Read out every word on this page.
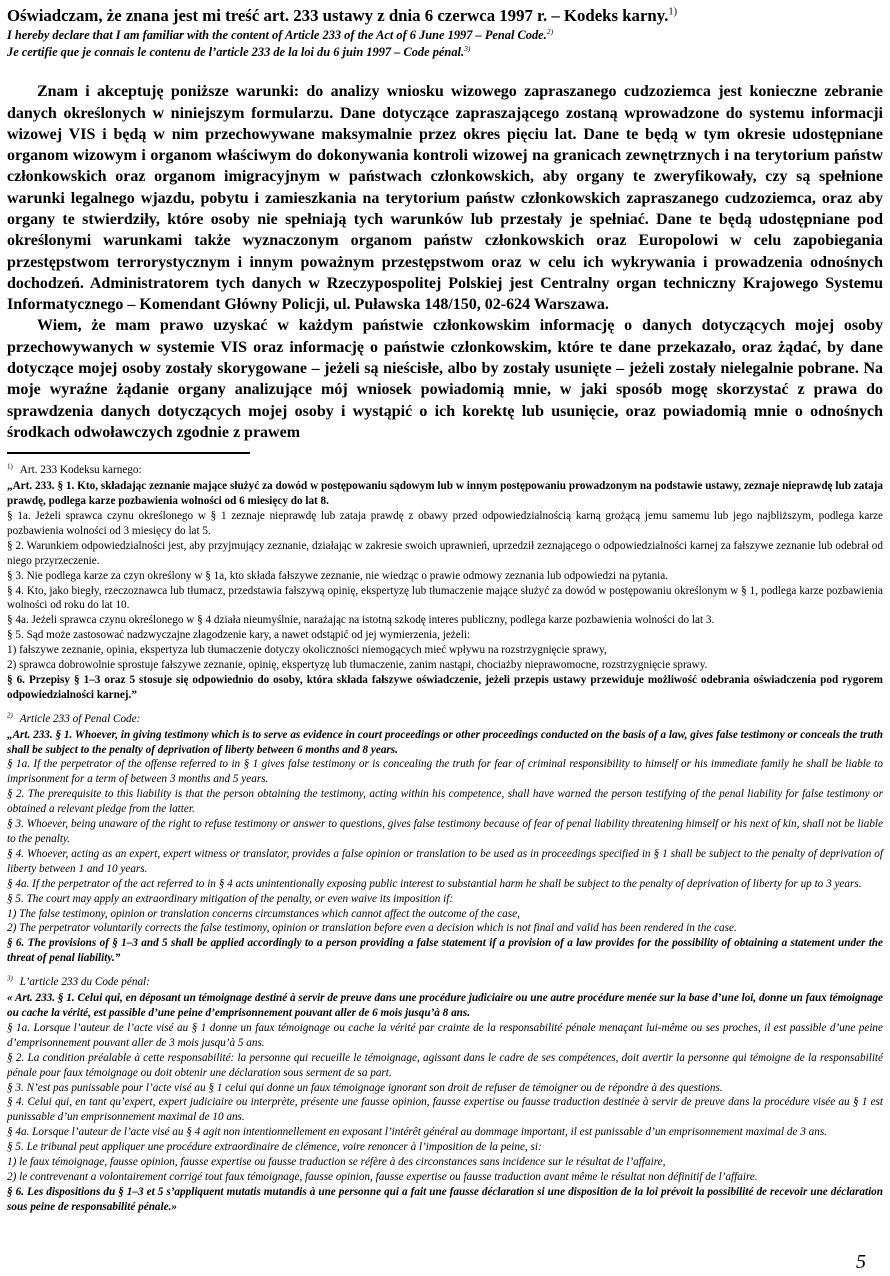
Oświadczam, że znana jest mi treść art. 233 ustawy z dnia 6 czerwca 1997 r. – Kodeks karny.$^{1)}$

I hereby declare that I am familiar with the content of Article 233 of the Act of 6 June 1997 – Penal Code.$^{2)}$

Je certifie que je connais le contenu de l’article 233 de la loi du 6 juin 1997 – Code pénal.$^{3)}$

Znam i akceptuję poniższe warunki: do analizy wniosku wizowego zapraszanego cudzoziemca jest konieczne zebranie danych określonych w niniejszym formularzu. Dane dotyczące zapraszającego zostaną wprowadzone do systemu informacji wizowej VIS i będą w nim przechowywane maksymalnie przez okres pięciu lat. Dane te będą w tym okresie udostępniane organom wizowym i organom właściwym do dokonywania kontroli wizowej na granicach zewnętrznych i na terytorium państw członkowskich oraz organom imigracyjnym w państwach członkowskich, aby organy te zweryfikowały, czy są spełnione warunki legalnego wjazdu, pobytu i zamieszkania na terytorium państw członkowskich zapraszanego cudzoziemca, oraz aby organy te stwierdziły, które osoby nie spełniają tych warunków lub przestały je spełniać. Dane te będą udostępniane pod określonymi warunkami także wyznaczonym organom państw członkowskich oraz Europolowi w celu zapobiegania przestępstwom terrorystycznym i innym poważnym przestępstwom oraz w celu ich wykrywania i prowadzenia odnośnych dochodzeń. Administratorem tych danych w Rzeczypospolitej Polskiej jest Centralny organ techniczny Krajowego Systemu Informatycznego – Komendant Główny Policji, ul. Puławska 148/150, 02-624 Warszawa.

Wiem, że mam prawo uzyskać w każdym państwie członkowskim informację o danych dotyczących mojej osoby przechowywanych w systemie VIS oraz informację o państwie członkowskim, które te dane przekazało, oraz żądać, by dane dotyczące mojej osoby zostały skorygowane – jeżeli są nieścisłe, albo by zostały usunięte – jeżeli zostały nielegalnie pobrane. Na moje wyraźne żądanie organy analizujące mój wniosek powiadomią mnie, w jaki sposób mogę skorzystać z prawa do sprawdzenia danych dotyczących mojej osoby i wystąpić o ich korektę lub usunięcie, oraz powiadomią mnie o odnośnych środkach odwoławczych zgodnie z prawem

$^{1)}$ Art. 233 Kodeksu karnego:

„Art. 233. § 1. Kto, składając zeznanie mające służyć za dowód w postępowaniu sądowym lub w innym postępowaniu prowadzonym na podstawie ustawy, zeznaje nieprawdę lub zataja prawdę, podlega karze pozbawienia wolności od 6 miesięcy do lat 8.

§ 1a. Jeżeli sprawca czynu określonego w § 1 zeznaje nieprawdę lub zataja prawdę z obawy przed odpowiedzialnością karną grożącą jemu samemu lub jego najbliższym, podlega karze pozbawienia wolności od 3 miesięcy do lat 5.

§ 2. Warunkiem odpowiedzialności jest, aby przyjmujący zeznanie, działając w zakresie swoich uprawnień, uprzedził zeznającego o odpowiedzialności karnej za fałszywe zeznanie lub odebrał od niego przyrzeczenie.

§ 3. Nie podlega karze za czyn określony w § 1a, kto składa fałszywe zeznanie, nie wiedząc o prawie odmowy zeznania lub odpowiedzi na pytania.

§ 4. Kto, jako biegły, rzeczoznawca lub tłumacz, przedstawia fałszywą opinię, ekspertyzę lub tłumaczenie mające służyć za dowód w postępowaniu określonym w § 1, podlega karze pozbawienia wolności od roku do lat 10.

§ 4a. Jeżeli sprawca czynu określonego w § 4 działa nieumyślnie, narażając na istotną szkodę interes publiczny, podlega karze pozbawienia wolności do lat 3.

§ 5. Sąd może zastosować nadzwyczajne złagodzenie kary, a nawet odstąpić od jej wymierzenia, jeżeli:

1) fałszywe zeznanie, opinia, ekspertyza lub tłumaczenie dotyczy okoliczności niemogących mieć wpływu na rozstrzygnięcie sprawy,

2) sprawca dobrowolnie sprostuje fałszywe zeznanie, opinię, ekspertyzę lub tłumaczenie, zanim nastąpi, chociażby nieprawomocne, rozstrzygnięcie sprawy.

§ 6. Przepisy § 1–3 oraz 5 stosuje się odpowiednio do osoby, która składa fałszywe oświadczenie, jeżeli przepis ustawy przewiduje możliwość odebrania oświadczenia pod rygorem odpowiedzialności karnej.”

$^{2)}$ Article 233 of Penal Code:

„Art. 233. § 1. Whoever, in giving testimony which is to serve as evidence in court proceedings or other proceedings conducted on the basis of a law, gives false testimony or conceals the truth shall be subject to the penalty of deprivation of liberty between 6 months and 8 years.

§ 1a. If the perpetrator of the offense referred to in § 1 gives false testimony or is concealing the truth for fear of criminal responsibility to himself or his immediate family he shall be liable to imprisonment for a term of between 3 months and 5 years.

§ 2. The prerequisite to this liability is that the person obtaining the testimony, acting within his competence, shall have warned the person testifying of the penal liability for false testimony or obtained a relevant pledge from the latter.

§ 3. Whoever, being unaware of the right to refuse testimony or answer to questions, gives false testimony because of fear of penal liability threatening himself or his next of kin, shall not be liable to the penalty.

§ 4. Whoever, acting as an expert, expert witness or translator, provides a false opinion or translation to be used as in proceedings specified in § 1 shall be subject to the penalty of deprivation of liberty between 1 and 10 years.

§ 4a. If the perpetrator of the act referred to in § 4 acts unintentionally exposing public interest to substantial harm he shall be subject to the penalty of deprivation of liberty for up to 3 years.

§ 5. The court may apply an extraordinary mitigation of the penalty, or even waive its imposition if:

1) The false testimony, opinion or translation concerns circumstances which cannot affect the outcome of the case,

2) The perpetrator voluntarily corrects the false testimony, opinion or translation before even a decision which is not final and valid has been rendered in the case.

§ 6. The provisions of § 1–3 and 5 shall be applied accordingly to a person providing a false statement if a provision of a law provides for the possibility of obtaining a statement under the threat of penal liability.”

$^{3)}$ L’article 233 du Code pénal:

« Art. 233. § 1. Celui qui, en déposant un témoignage destiné à servir de preuve dans une procédure judiciaire ou une autre procédure menée sur la base d’une loi, donne un faux témoignage ou cache la vérité, est passible d’une peine d’emprisonnement pouvant aller de 6 mois jusqu’à 8 ans.

§ 1a. Lorsque l’auteur de l’acte visé au § 1 donne un faux témoignage ou cache la vérité par crainte de la responsabilité pénale menaçant lui-même ou ses proches, il est passible d’une peine d’emprisonnement pouvant aller de 3 mois jusqu’à 5 ans.

§ 2. La condition préalable à cette responsabilité: la personne qui recueille le témoignage, agissant dans le cadre de ses compétences, doit avertir la personne qui témoigne de la responsabilité pénale pour faux témoignage ou doit obtenir une déclaration sous serment de sa part.

§ 3. N’est pas punissable pour l’acte visé au § 1 celui qui donne un faux témoignage ignorant son droit de refuser de témoigner ou de répondre à des questions.

§ 4. Celui qui, en tant qu’expert, expert judiciaire ou interprète, présente une fausse opinion, fausse expertise ou fausse traduction destinée à servir de preuve dans la procédure visée au § 1 est punissable d’un emprisonnement maximal de 10 ans.

§ 4a. Lorsque l’auteur de l’acte visé au § 4 agit non intentionnellement en exposant l’intérêt général au dommage important, il est punissable d’un emprisonnement maximal de 3 ans.

§ 5. Le tribunal peut appliquer une procédure extraordinaire de clémence, voire renoncer à l’imposition de la peine, si:

1) le faux témoignage, fausse opinion, fausse expertise ou fausse traduction se réfère à des circonstances sans incidence sur le résultat de l’affaire,

2) le contrevenant a volontairement corrigé tout faux témoignage, fausse opinion, fausse expertise ou fausse traduction avant même le résultat non définitif de l’affaire.

§ 6. Les dispositions du § 1–3 et 5 s’appliquent mutatis mutandis à une personne qui a fait une fausse déclaration si une disposition de la loi prévoit la possibilité de recevoir une déclaration sous peine de responsabilité pénale.»

5
